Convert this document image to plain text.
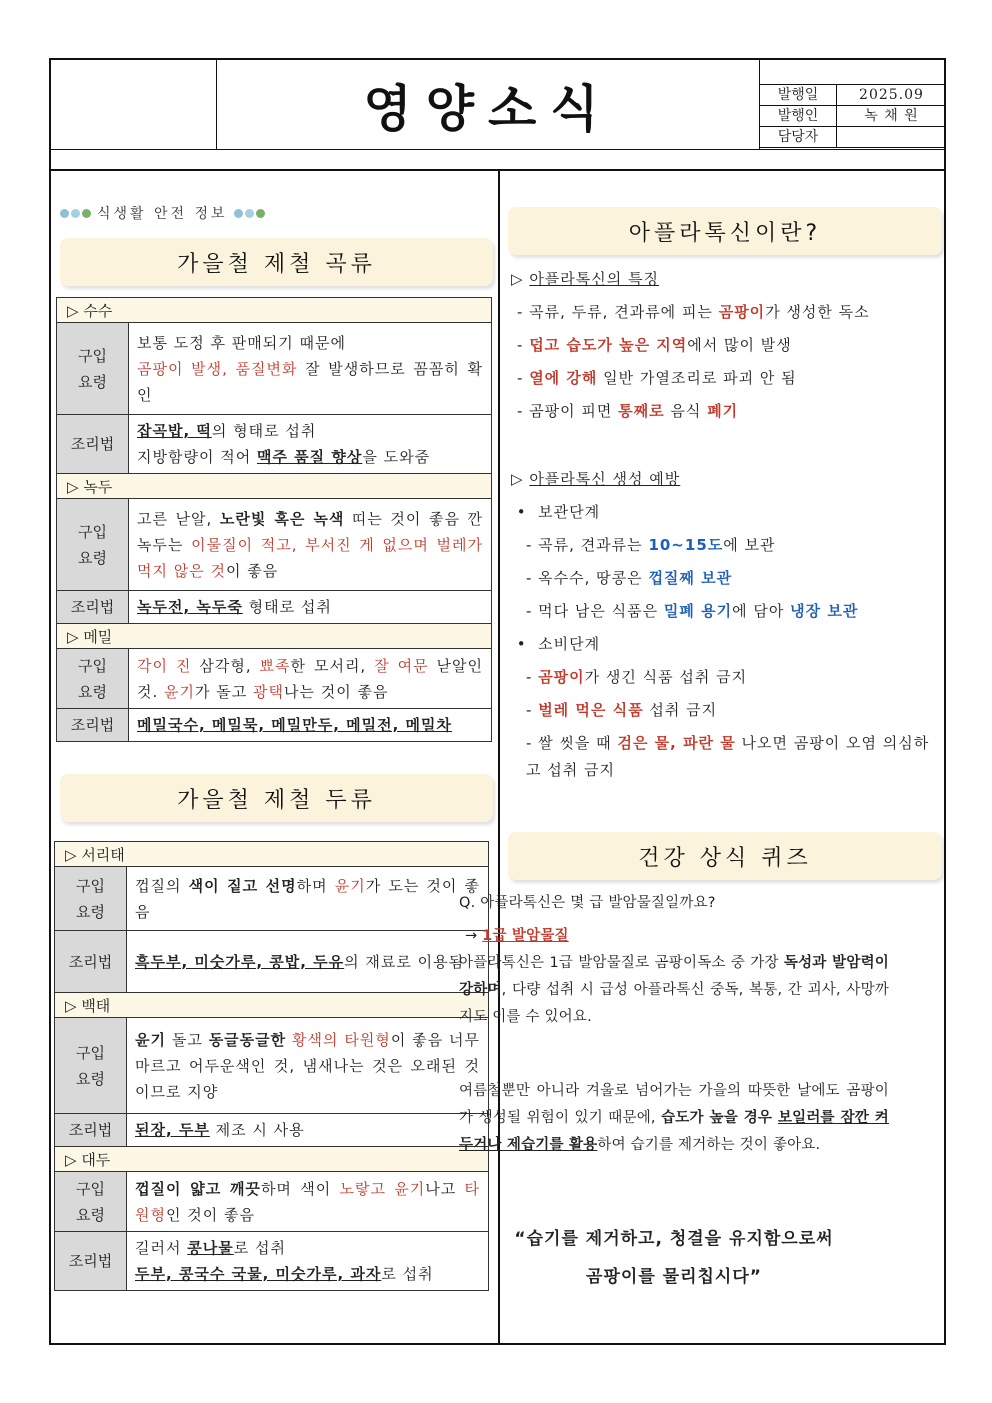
영양소식	발행일	2025.09
발행인	녹 채 원
담당자
식생활 안전 정보
가을철 제철 곡류
▷ 수수	
구입
요령	보통 도정 후 판매되기 때문에
곰팡이 발생, 품질변화 잘 발생하므로 꼼꼼히 확인
조리법	잡곡밥, 떡의 형태로 섭취
지방함량이 적어 맥주 품질 향상을 도와줌
▷ 녹두	
구입
요령	고른 낟알, 노란빛 혹은 녹색 띠는 것이 좋음 깐 녹두는 이물질이 적고, 부서진 게 없으며 벌레가 먹지 않은 것이 좋음
조리법	녹두전, 녹두죽 형태로 섭취
▷ 메밀	
구입
요령	각이 진 삼각형, 뾰족한 모서리, 잘 여문 낟알인 것. 윤기가 돌고 광택나는 것이 좋음
조리법	메밀국수, 메밀묵, 메밀만두, 메밀전, 메밀차
가을철 제철 두류
▷ 서리태	
구입
요령	껍질의 색이 짙고 선명하며 윤기가 도는 것이 좋음
조리법	흑두부, 미숫가루, 콩밥, 두유의 재료로 이용됨
▷ 백태	
구입
요령	윤기 돌고 동글동글한 황색의 타원형이 좋음 너무 마르고 어두운색인 것, 냄새나는 것은 오래된 것이므로 지양
조리법	된장, 두부 제조 시 사용
▷ 대두	
구입
요령	껍질이 얇고 깨끗하며 색이 노랗고 윤기나고 타원형인 것이 좋음
조리법	길러서 콩나물로 섭취
두부, 콩국수 국물, 미숫가루, 과자로 섭취
아플라톡신이란?
▷ 아플라톡신의 특징
- 곡류, 두류, 견과류에 피는 곰팡이가 생성한 독소
- 덥고 습도가 높은 지역에서 많이 발생
- 열에 강해 일반 가열조리로 파괴 안 됨
- 곰팡이 피면 통째로 음식 폐기
▷ 아플라톡신 생성 예방
•  보관단계
- 곡류, 견과류는 10~15도에 보관
- 옥수수, 땅콩은 껍질째 보관
- 먹다 남은 식품은 밀폐 용기에 담아 냉장 보관
•  소비단계
- 곰팡이가 생긴 식품 섭취 금지
- 벌레 먹은 식품 섭취 금지
- 쌀 씻을 때 검은 물, 파란 물 나오면 곰팡이 오염 의심하고 섭취 금지
건강 상식 퀴즈
Q. 아플라톡신은 몇 급 발암물질일까요?
→ 1급 발암물질
아플라톡신은 1급 발암물질로 곰팡이독소 중 가장 독성과 발암력이 강하며, 다량 섭취 시 급성 아플라톡신 중독, 복통, 간 괴사, 사망까지도 이를 수 있어요.
여름철뿐만 아니라 겨울로 넘어가는 가을의 따뜻한 날에도 곰팡이가 생성될 위험이 있기 때문에, 습도가 높을 경우 보일러를 잠깐 켜두거나 제습기를 활용하여 습기를 제거하는 것이 좋아요.
“습기를 제거하고, 청결을 유지함으로써
곰팡이를 물리칩시다”
